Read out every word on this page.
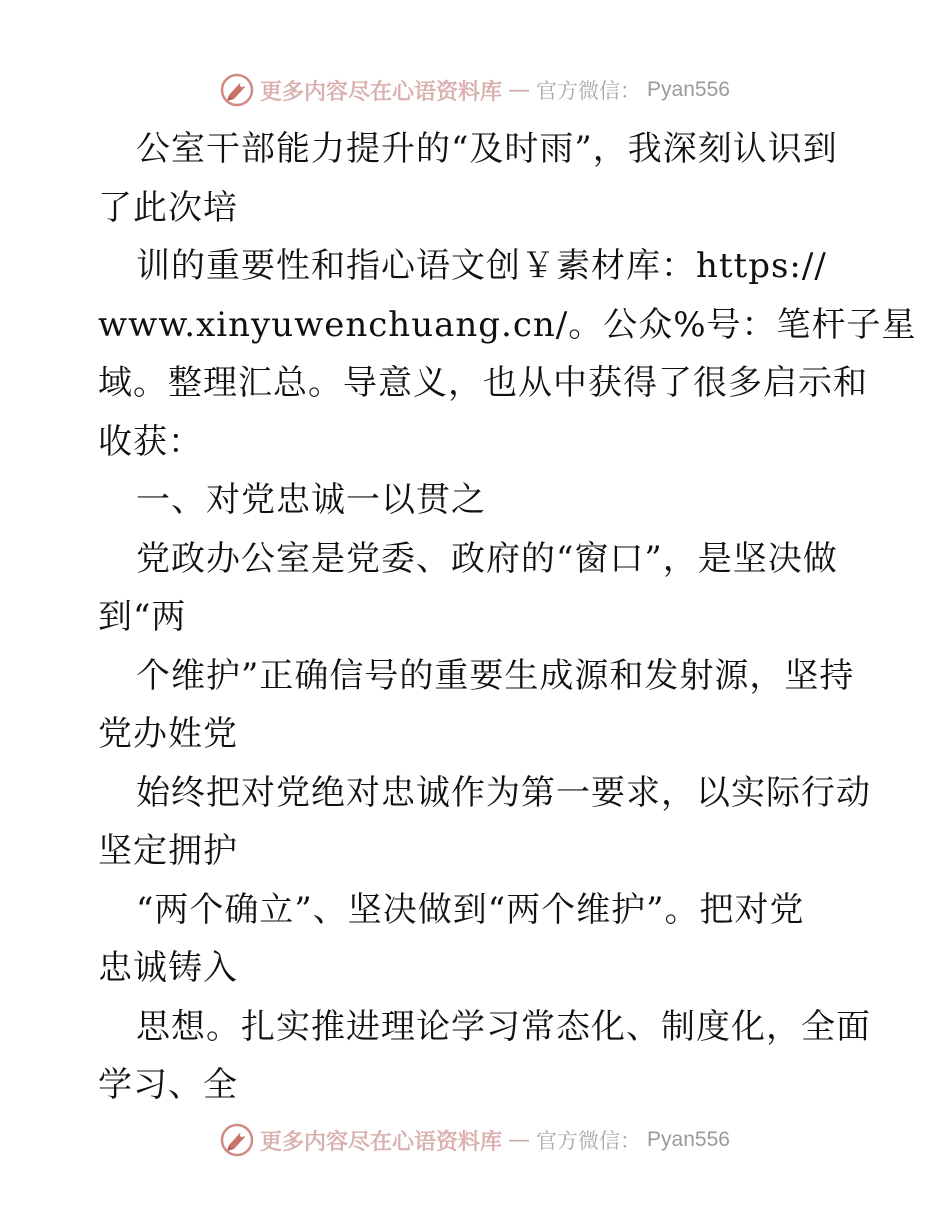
更多内容尽在心语资料库 — 官方微信： Pyan556
公室干部能力提升的“及时雨”，我深刻认识到
了此次培
训的重要性和指心语文创￥素材库：https://
www.xinyuwenchuang.cn/。公众%号：笔杆子星
域。整理汇总。导意义，也从中获得了很多启示和
收获：
一、对党忠诚一以贯之
党政办公室是党委、政府的“窗口”，是坚决做
到“两
个维护”正确信号的重要生成源和发射源，坚持
党办姓党
始终把对党绝对忠诚作为第一要求，以实际行动
坚定拥护
“两个确立”、坚决做到“两个维护”。把对党
忠诚铸入
思想。扎实推进理论学习常态化、制度化，全面
学习、全
更多内容尽在心语资料库 — 官方微信： Pyan556
